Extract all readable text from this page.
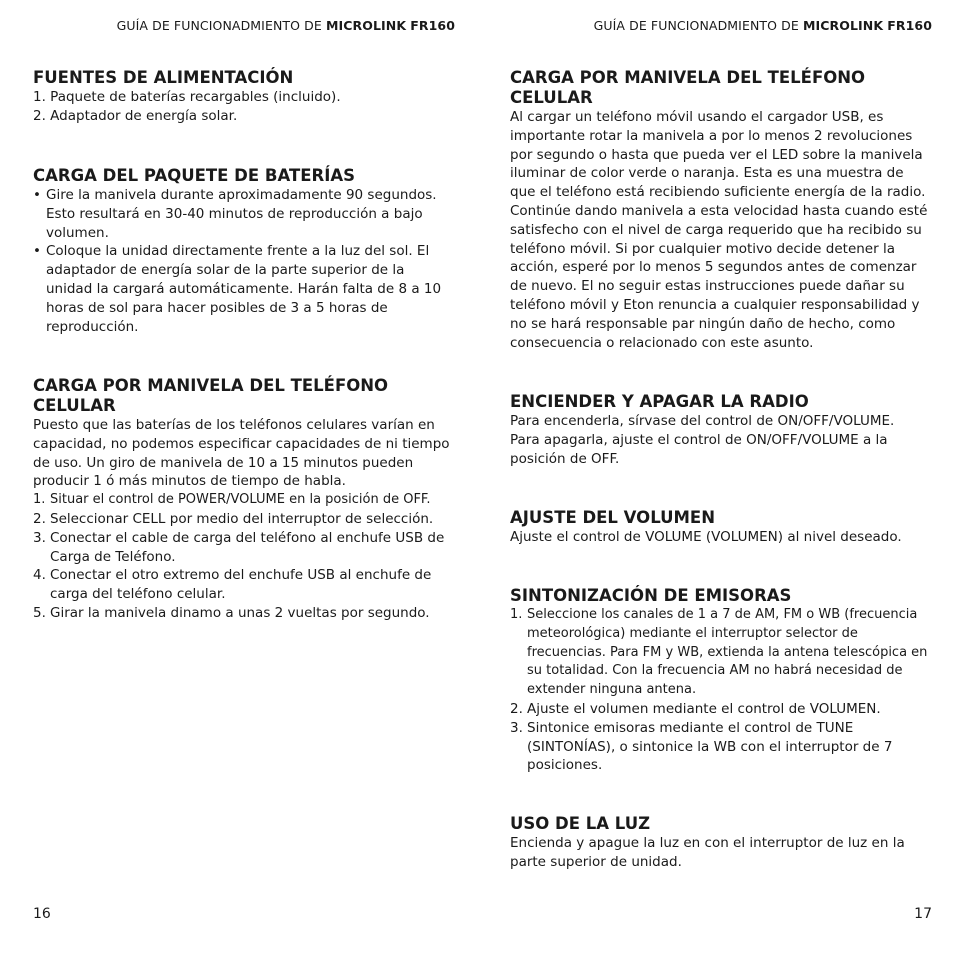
GUÍA DE FUNCIONADMIENTO DE MICROLINK FR160
FUENTES DE ALIMENTACIÓN

1. Paquete de baterías recargables (incluido).

2. Adaptador de energía solar.

CARGA DEL PAQUETE DE BATERÍAS
• Gire la manivela durante aproximadamente 90 segundos. Esto resultará en 30-40 minutos de reproducción a bajo volumen.
• Coloque la unidad directamente frente a la luz del sol. El adaptador de energía solar de la parte superior de la unidad la cargará automáticamente. Harán falta de 8 a 10 horas de sol para hacer posibles de 3 a 5 horas de reproducción.
CARGA POR MANIVELA DEL TELÉFONO CELULAR

Puesto que las baterías de los teléfonos celulares varían en capacidad, no podemos especificar capacidades de ni tiempo de uso. Un giro de manivela de 10 a 15 minutos pueden producir 1 ó más minutos de tiempo de habla.

1. Situar el control de POWER/VOLUME en la posición de OFF.
2. Seleccionar CELL por medio del interruptor de selección.
3. Conectar el cable de carga del teléfono al enchufe USB de Carga de Teléfono.
4. Conectar el otro extremo del enchufe USB al enchufe de carga del teléfono celular.
5. Girar la manivela dinamo a unas 2 vueltas por segundo.
16
GUÍA DE FUNCIONADMIENTO DE MICROLINK FR160
CARGA POR MANIVELA DEL TELÉFONO CELULAR

Al cargar un teléfono móvil usando el cargador USB, es importante rotar la manivela a por lo menos 2 revoluciones por segundo o hasta que pueda ver el LED sobre la manivela iluminar de color verde o naranja. Esta es una muestra de que el teléfono está recibiendo suficiente energía de la radio. Continúe dando manivela a esta velocidad hasta cuando esté satisfecho con el nivel de carga requerido que ha recibido su teléfono móvil. Si por cualquier motivo decide detener la acción, esperé por lo menos 5 segundos antes de comenzar de nuevo. El no seguir estas instrucciones puede dañar su teléfono móvil y Eton renuncia a cualquier responsabilidad y no se hará responsable par ningún daño de hecho, como consecuencia o relacionado con este asunto.

ENCIENDER Y APAGAR LA RADIO

Para encenderla, sírvase del control de ON/OFF/VOLUME. Para apagarla, ajuste el control de ON/OFF/VOLUME a la posición de OFF.

AJUSTE DEL VOLUMEN

Ajuste el control de VOLUME (VOLUMEN) al nivel deseado.

SINTONIZACIÓN DE EMISORAS
1. Seleccione los canales de 1 a 7 de AM, FM o WB (frecuencia meteorológica) mediante el interruptor selector de frecuencias. Para FM y WB, extienda la antena telescópica en su totalidad. Con la frecuencia AM no habrá necesidad de extender ninguna antena.
2. Ajuste el volumen mediante el control de VOLUMEN.
3. Sintonice emisoras mediante el control de TUNE (SINTONÍAS), o sintonice la WB con el interruptor de 7 posiciones.
USO DE LA LUZ

Encienda y apague la luz en con el interruptor de luz en la parte superior de unidad.

17
